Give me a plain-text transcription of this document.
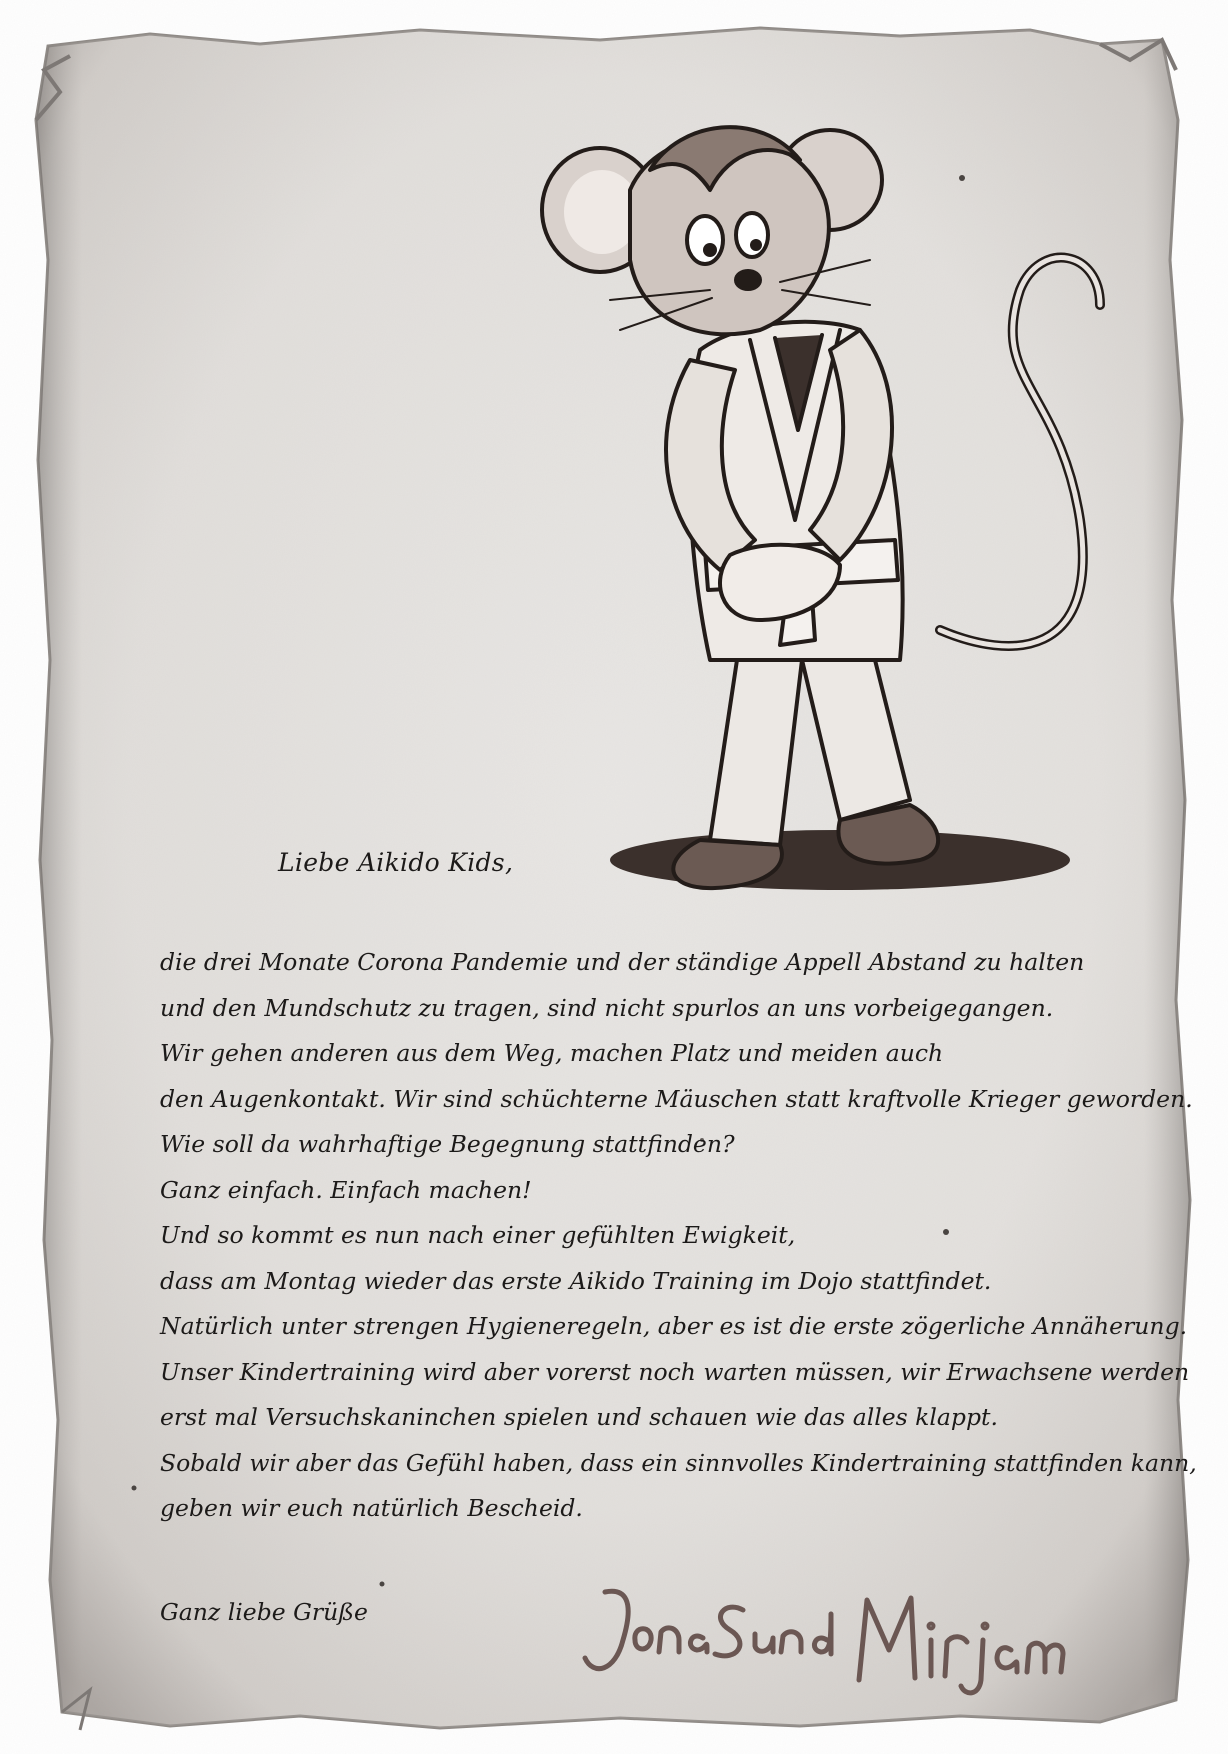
Liebe Aikido Kids,
die drei Monate Corona Pandemie und der ständige Appell Abstand zu halten
und den Mundschutz zu tragen, sind nicht spurlos an uns vorbeigegangen.
Wir gehen anderen aus dem Weg, machen Platz und meiden auch
den Augenkontakt. Wir sind schüchterne Mäuschen statt kraftvolle Krieger geworden.
Wie soll da wahrhaftige Begegnung stattfinden?
Ganz einfach. Einfach machen!
Und so kommt es nun nach einer gefühlten Ewigkeit,
dass am Montag wieder das erste Aikido Training im Dojo stattfindet.
Natürlich unter strengen Hygieneregeln, aber es ist die erste zögerliche Annäherung.
Unser Kindertraining wird aber vorerst noch warten müssen, wir Erwachsene werden
erst mal Versuchskaninchen spielen und schauen wie das alles klappt.
Sobald wir aber das Gefühl haben, dass ein sinnvolles Kindertraining stattfinden kann,
geben wir euch natürlich Bescheid.
Ganz liebe Grüße
